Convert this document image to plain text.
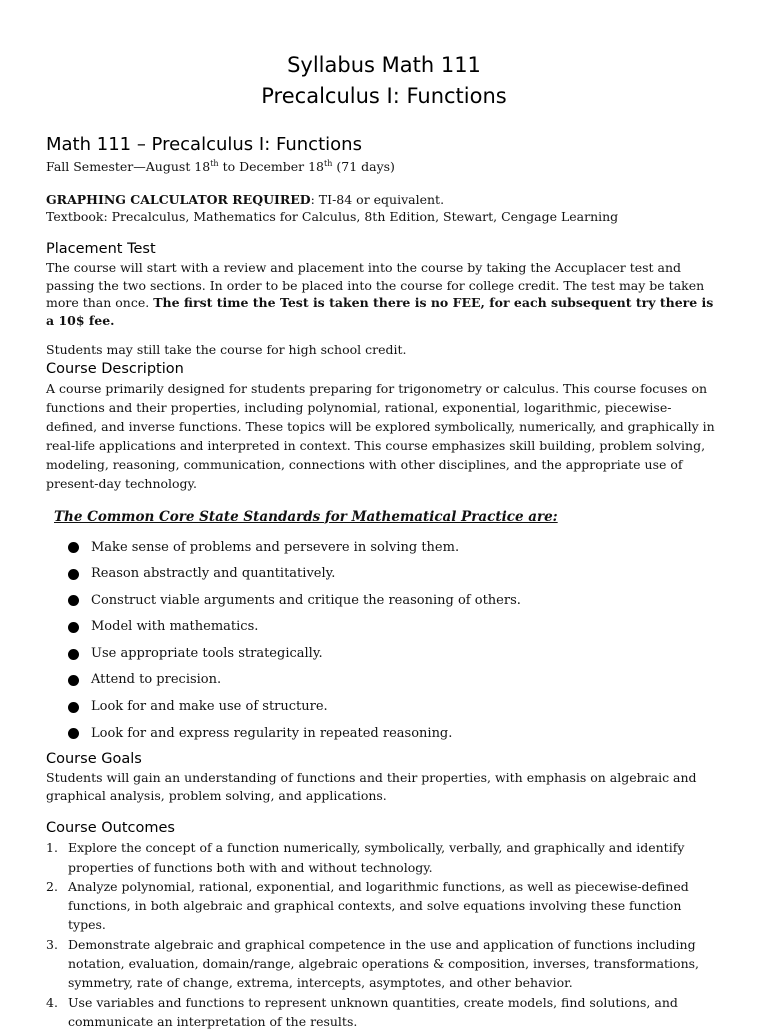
Syllabus Math 111
Precalculus I: Functions
Math 111 – Precalculus I: Functions

Fall Semester—August 18th to December 18th (71 days)

GRAPHING CALCULATOR REQUIRED: TI-84 or equivalent.

Textbook: Precalculus, Mathematics for Calculus, 8th Edition, Stewart, Cengage Learning

Placement Test

The course will start with a review and placement into the course by taking the Accuplacer test and passing the two sections. In order to be placed into the course for college credit. The test may be taken more than once. The first time the Test is taken there is no FEE, for each subsequent try there is a 10$ fee.

Students may still take the course for high school credit.

Course Description

A course primarily designed for students preparing for trigonometry or calculus. This course focuses on functions and their properties, including polynomial, rational, exponential, logarithmic, piecewise-defined, and inverse functions. These topics will be explored symbolically, numerically, and graphically in real-life applications and interpreted in context. This course emphasizes skill building, problem solving, modeling, reasoning, communication, connections with other disciplines, and the appropriate use of present-day technology.

The Common Core State Standards for Mathematical Practice are:

Make sense of problems and persevere in solving them.
Reason abstractly and quantitatively.
Construct viable arguments and critique the reasoning of others.
Model with mathematics.
Use appropriate tools strategically.
Attend to precision.
Look for and make use of structure.
Look for and express regularity in repeated reasoning.
Course Goals

Students will gain an understanding of functions and their properties, with emphasis on algebraic and graphical analysis, problem solving, and applications.

Course Outcomes
1. Explore the concept of a function numerically, symbolically, verbally, and graphically and identify properties of functions both with and without technology.
2. Analyze polynomial, rational, exponential, and logarithmic functions, as well as piecewise-defined functions, in both algebraic and graphical contexts, and solve equations involving these function types.
3. Demonstrate algebraic and graphical competence in the use and application of functions including notation, evaluation, domain/range, algebraic operations & composition, inverses, transformations, symmetry, rate of change, extrema, intercepts, asymptotes, and other behavior.
4. Use variables and functions to represent unknown quantities, create models, find solutions, and communicate an interpretation of the results.
